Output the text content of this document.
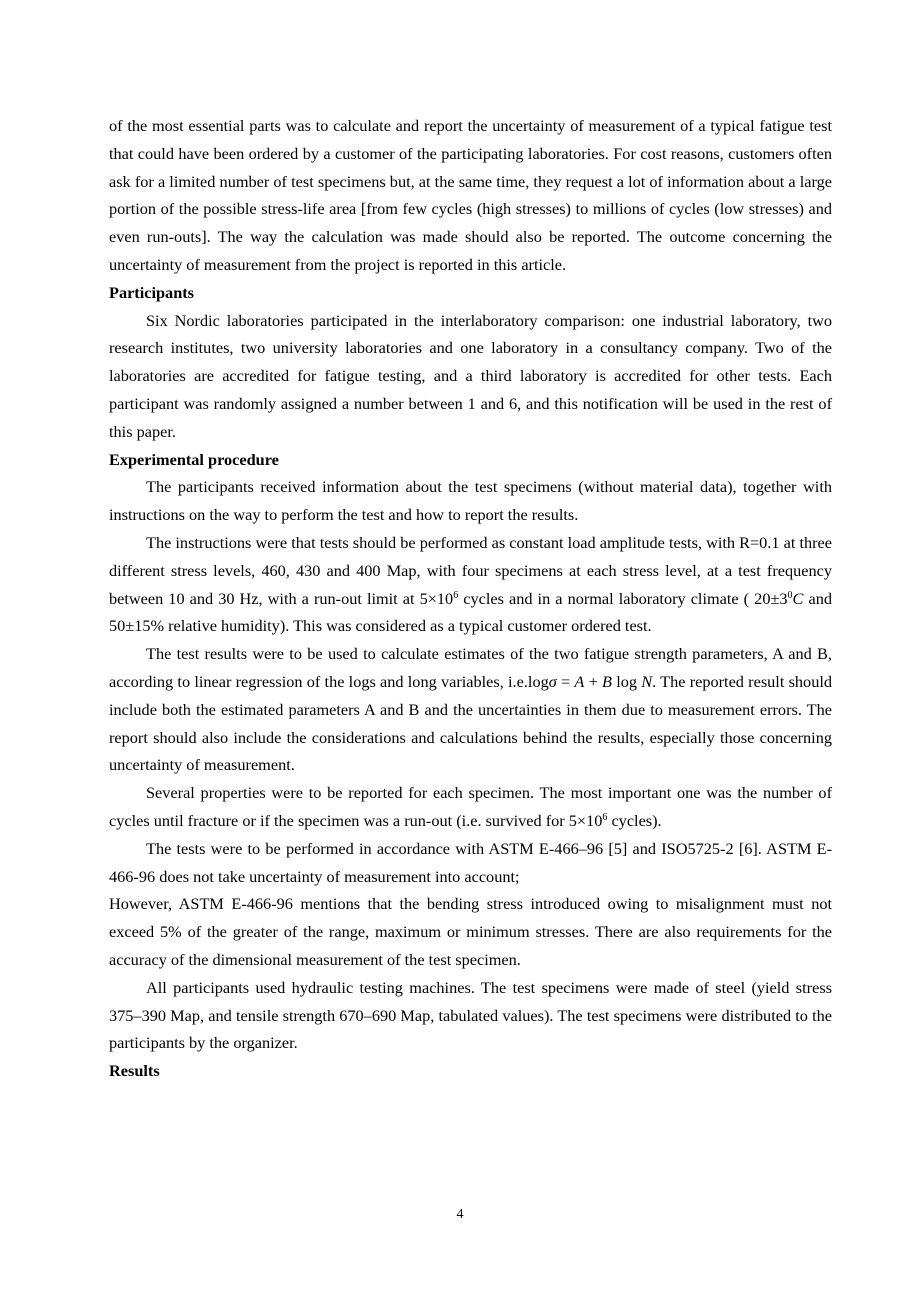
of the most essential parts was to calculate and report the uncertainty of measurement of a typical fatigue test that could have been ordered by a customer of the participating laboratories. For cost reasons, customers often ask for a limited number of test specimens but, at the same time, they request a lot of information about a large portion of the possible stress-life area [from few cycles (high stresses) to millions of cycles (low stresses) and even run-outs]. The way the calculation was made should also be reported. The outcome concerning the uncertainty of measurement from the project is reported in this article.

Participants

Six Nordic laboratories participated in the interlaboratory comparison: one industrial laboratory, two research institutes, two university laboratories and one laboratory in a consultancy company. Two of the laboratories are accredited for fatigue testing, and a third laboratory is accredited for other tests. Each participant was randomly assigned a number between 1 and 6, and this notification will be used in the rest of this paper.

Experimental procedure

The participants received information about the test specimens (without material data), together with instructions on the way to perform the test and how to report the results.

The instructions were that tests should be performed as constant load amplitude tests, with R=0.1 at three different stress levels, 460, 430 and 400 Map, with four specimens at each stress level, at a test frequency between 10 and 30 Hz, with a run-out limit at $5\times 10^6$ cycles and in a normal laboratory climate ( $20\pm 3^0C$ and 50±15% relative humidity). This was considered as a typical customer ordered test.

The test results were to be used to calculate estimates of the two fatigue strength parameters, A and B, according to linear regression of the logs and long variables, i.e.logσ = A + B log N. The reported result should include both the estimated parameters A and B and the uncertainties in them due to measurement errors. The report should also include the considerations and calculations behind the results, especially those concerning uncertainty of measurement.

Several properties were to be reported for each specimen. The most important one was the number of cycles until fracture or if the specimen was a run-out (i.e. survived for $5\times 10^6$ cycles).

The tests were to be performed in accordance with ASTM E-466–96 [5] and ISO5725-2 [6]. ASTM E-466-96 does not take uncertainty of measurement into account;

However, ASTM E-466-96 mentions that the bending stress introduced owing to misalignment must not exceed 5% of the greater of the range, maximum or minimum stresses. There are also requirements for the accuracy of the dimensional measurement of the test specimen.

All participants used hydraulic testing machines. The test specimens were made of steel (yield stress 375–390 Map, and tensile strength 670–690 Map, tabulated values). The test specimens were distributed to the participants by the organizer.

Results
4
